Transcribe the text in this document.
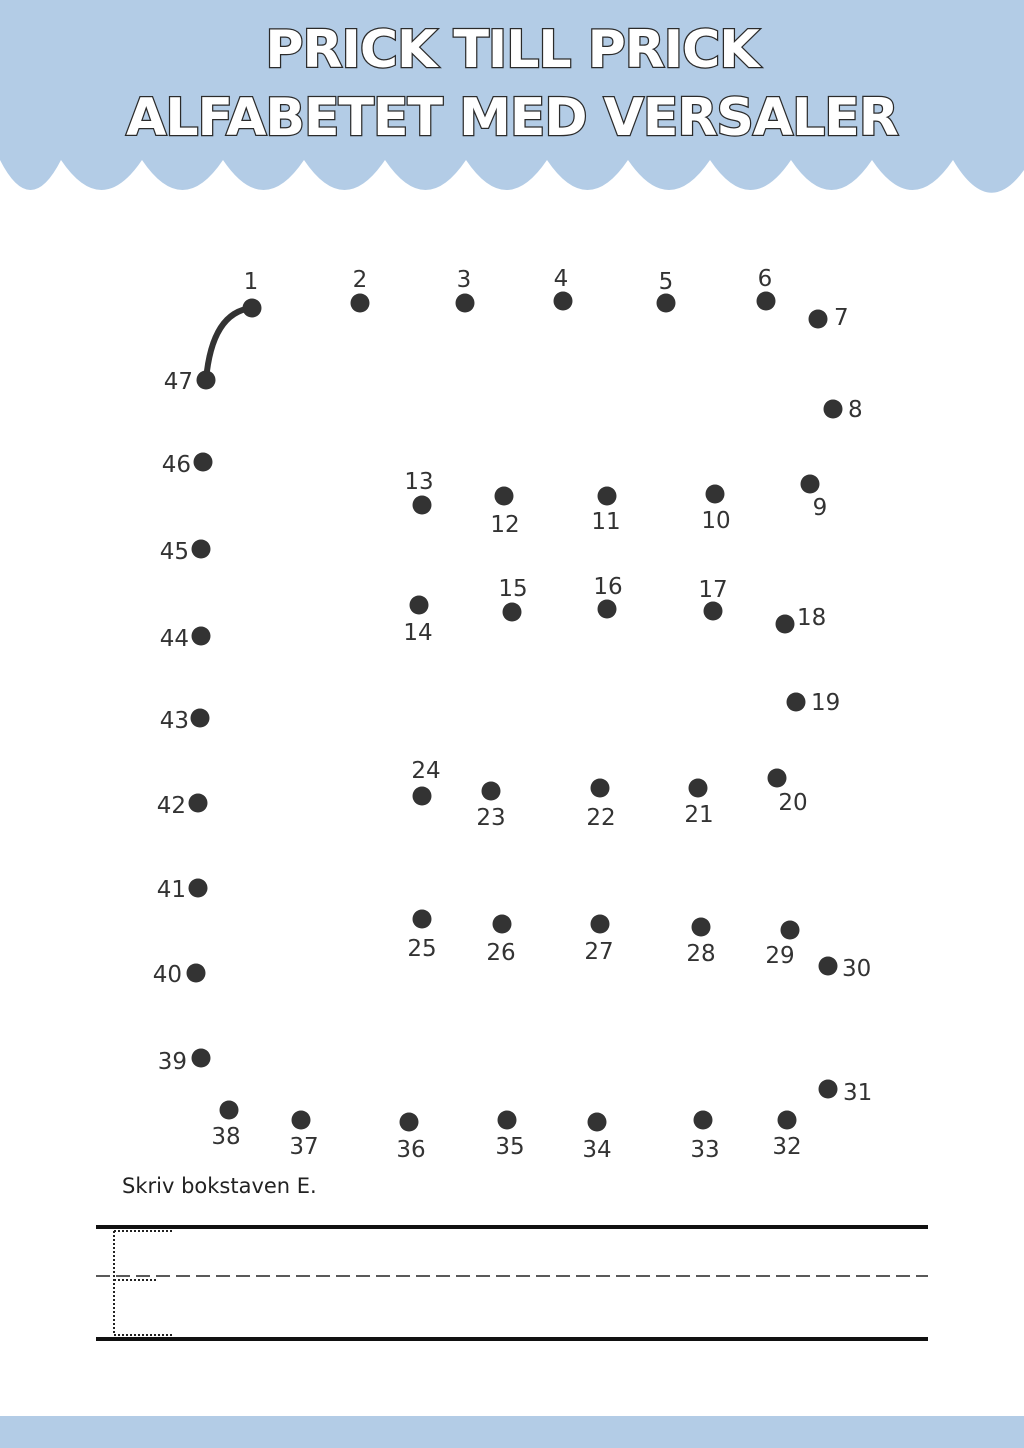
PRICK TILL PRICK
ALFABETET MED VERSALER
1	2	3	4	5	6
7
8
9
10
11
12
13
14
15	16	17
18
19
20
21
22
23
24
25 26	27	28 29 30
31
32
33
34
35
36
37
38
39
40
41
42
43
44
45
46
47
Skriv bokstaven E.
